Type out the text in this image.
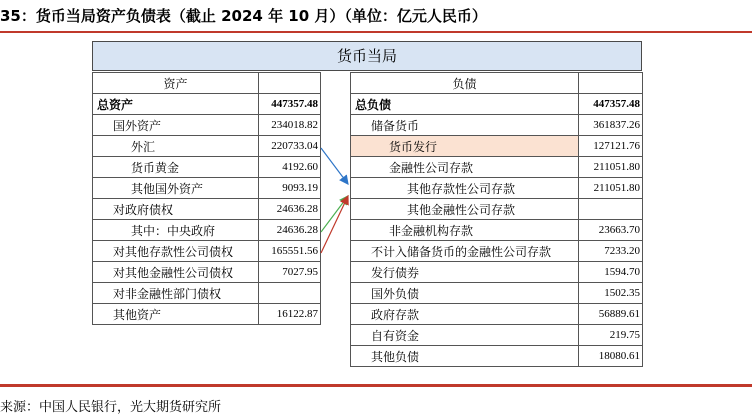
35：货币当局资产负债表（截止 2024 年 10 月）（单位：亿元人民币）
货币当局
资产	
总资产	447357.48
国外资产	234018.82
外汇	220733.04
货币黄金	4192.60
其他国外资产	9093.19
对政府债权	24636.28
其中：中央政府	24636.28
对其他存款性公司债权	165551.56
对其他金融性公司债权	7027.95
对非金融性部门债权	
其他资产	16122.87
负债	
总负债	447357.48
储备货币	361837.26
货币发行	127121.76
金融性公司存款	211051.80
其他存款性公司存款	211051.80
其他金融性公司存款	
非金融机构存款	23663.70
不计入储备货币的金融性公司存款	7233.20
发行债券	1594.70
国外负债	1502.35
政府存款	56889.61
自有资金	219.75
其他负债	18080.61
来源：中国人民银行，光大期货研究所
